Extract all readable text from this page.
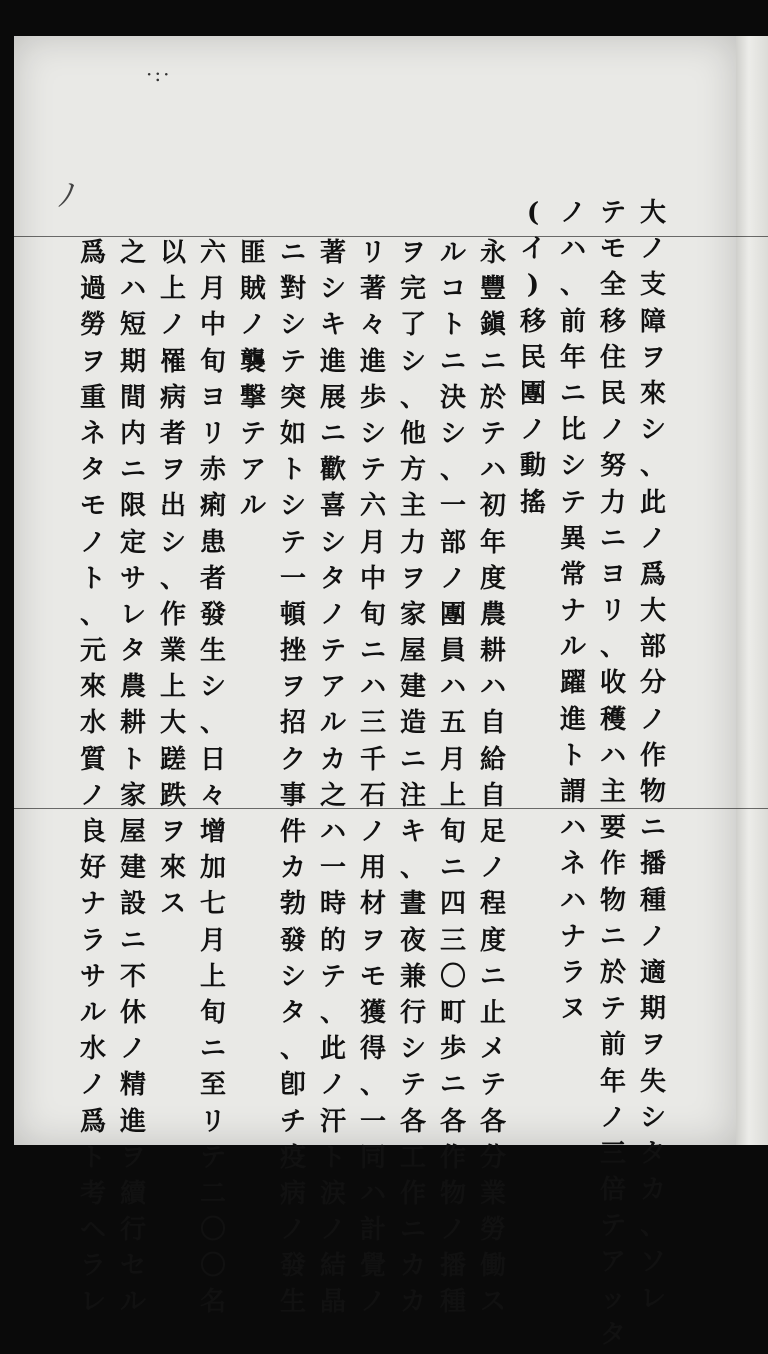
·:·
ノ	大
ノ
支
障
ヲ
來
シ
、
此
ノ
爲
大
部
分
ノ
作
物
ニ
播
種
ノ
適
期
ヲ
失
シ
タ
カ
、
ソ
レ
テ
モ
全
移
住
民
ノ
努
力
ニ
ヨ
リ
、
收
穫
ハ
主
要
作
物
ニ
於
テ
前
年
ノ
三
倍
テ
ア
ッ
タ
ノ
ハ
、
前
年
ニ
比
シ
テ
異
常
ナ
ル
躍
進
ト
謂
ハ
ネ
ハ
ナ
ラ
ヌ
(
イ
)
移
民
團
ノ
動
搖
永
豐
鎭
ニ
於
テ
ハ
初
年
度
農
耕
ハ
自
給
自
足
ノ
程
度
ニ
止
メ
テ
各
分
業
勞
働
ス
ル
コ
ト
ニ
決
シ
、
一
部
ノ
團
員
ハ
五
月
上
旬
ニ
四
三
〇
町
歩
ニ
各
作
物
ノ
播
種
ヲ
完
了
シ
、
他
方
主
力
ヲ
家
屋
建
造
ニ
注
キ
、
晝
夜
兼
行
シ
テ
各
工
作
ニ
カ
カ
リ
著
々
進
歩
シ
テ
六
月
中
旬
ニ
ハ
三
千
石
ノ
用
材
ヲ
モ
獲
得
、
一
同
ハ
計
覺
ノ
著
シ
キ
進
展
ニ
歡
喜
シ
タ
ノ
テ
ア
ル
カ
之
ハ
一
時
的
テ
、
此
ノ
汗
ト
涙
ノ
結
晶
ニ
對
シ
テ
突
如
ト
シ
テ
一
頓
挫
ヲ
招
ク
事
件
カ
勃
發
シ
タ
、
卽
チ
疫
病
ノ
發
生
匪
賊
ノ
襲
撃
テ
ア
ル
六
月
中
旬
ヨ
リ
赤
痢
患
者
發
生
シ
、
日
々
增
加
七
月
上
旬
ニ
至
リ
テ
二
〇
〇
名
以
上
ノ
罹
病
者
ヲ
出
シ
、
作
業
上
大
蹉
跌
ヲ
來
ス
之
ハ
短
期
間
内
ニ
限
定
サ
レ
タ
農
耕
ト
家
屋
建
設
ニ
不
休
ノ
精
進
ヲ
續
行
セ
ル
爲
過
勞
ヲ
重
ネ
タ
モ
ノ
ト
、
元
來
水
質
ノ
良
好
ナ
ラ
サ
ル
水
ノ
爲
ト
考
ヘ
ラ
レ
